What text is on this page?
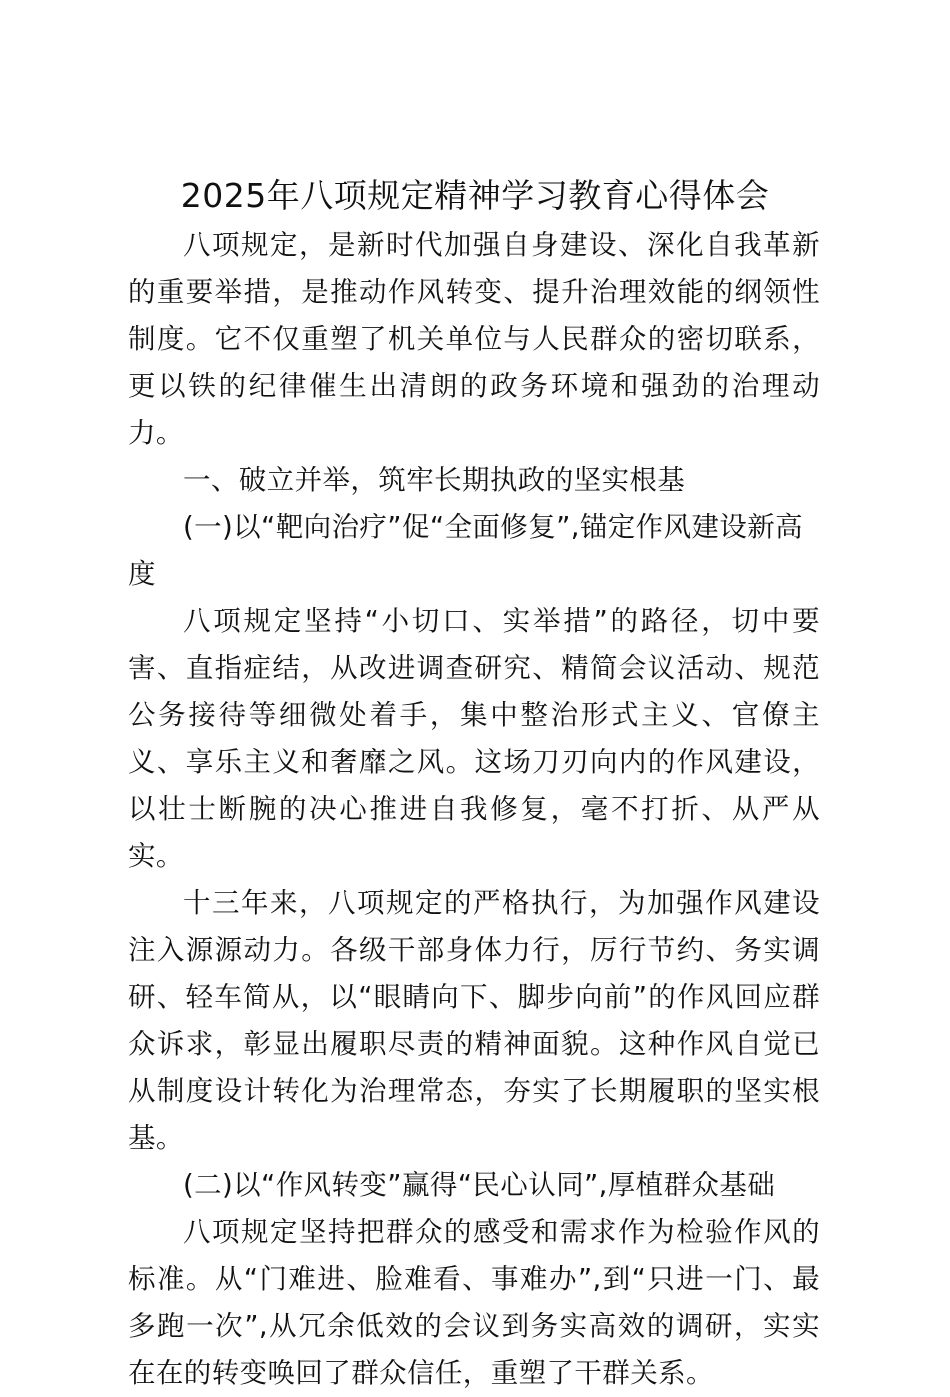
2025年八项规定精神学习教育心得体会

八项规定，是新时代加强自身建设、深化自我革新的重要举措，是推动作风转变、提升治理效能的纲领性制度。它不仅重塑了机关单位与人民群众的密切联系，更以铁的纪律催生出清朗的政务环境和强劲的治理动力。

一、破立并举，筑牢长期执政的坚实根基

(一)以“靶向治疗”促“全面修复”,锚定作风建设新高度

八项规定坚持“小切口、实举措”的路径，切中要害、直指症结，从改进调查研究、精简会议活动、规范公务接待等细微处着手，集中整治形式主义、官僚主义、享乐主义和奢靡之风。这场刀刃向内的作风建设，以壮士断腕的决心推进自我修复，毫不打折、从严从实。

十三年来，八项规定的严格执行，为加强作风建设注入源源动力。各级干部身体力行，厉行节约、务实调研、轻车简从，以“眼睛向下、脚步向前”的作风回应群众诉求，彰显出履职尽责的精神面貌。这种作风自觉已从制度设计转化为治理常态，夯实了长期履职的坚实根基。

(二)以“作风转变”赢得“民心认同”,厚植群众基础

八项规定坚持把群众的感受和需求作为检验作风的标准。从“门难进、脸难看、事难办”,到“只进一门、最多跑一次”,从冗余低效的会议到务实高效的调研，实实在在的转变唤回了群众信任，重塑了干群关系。
